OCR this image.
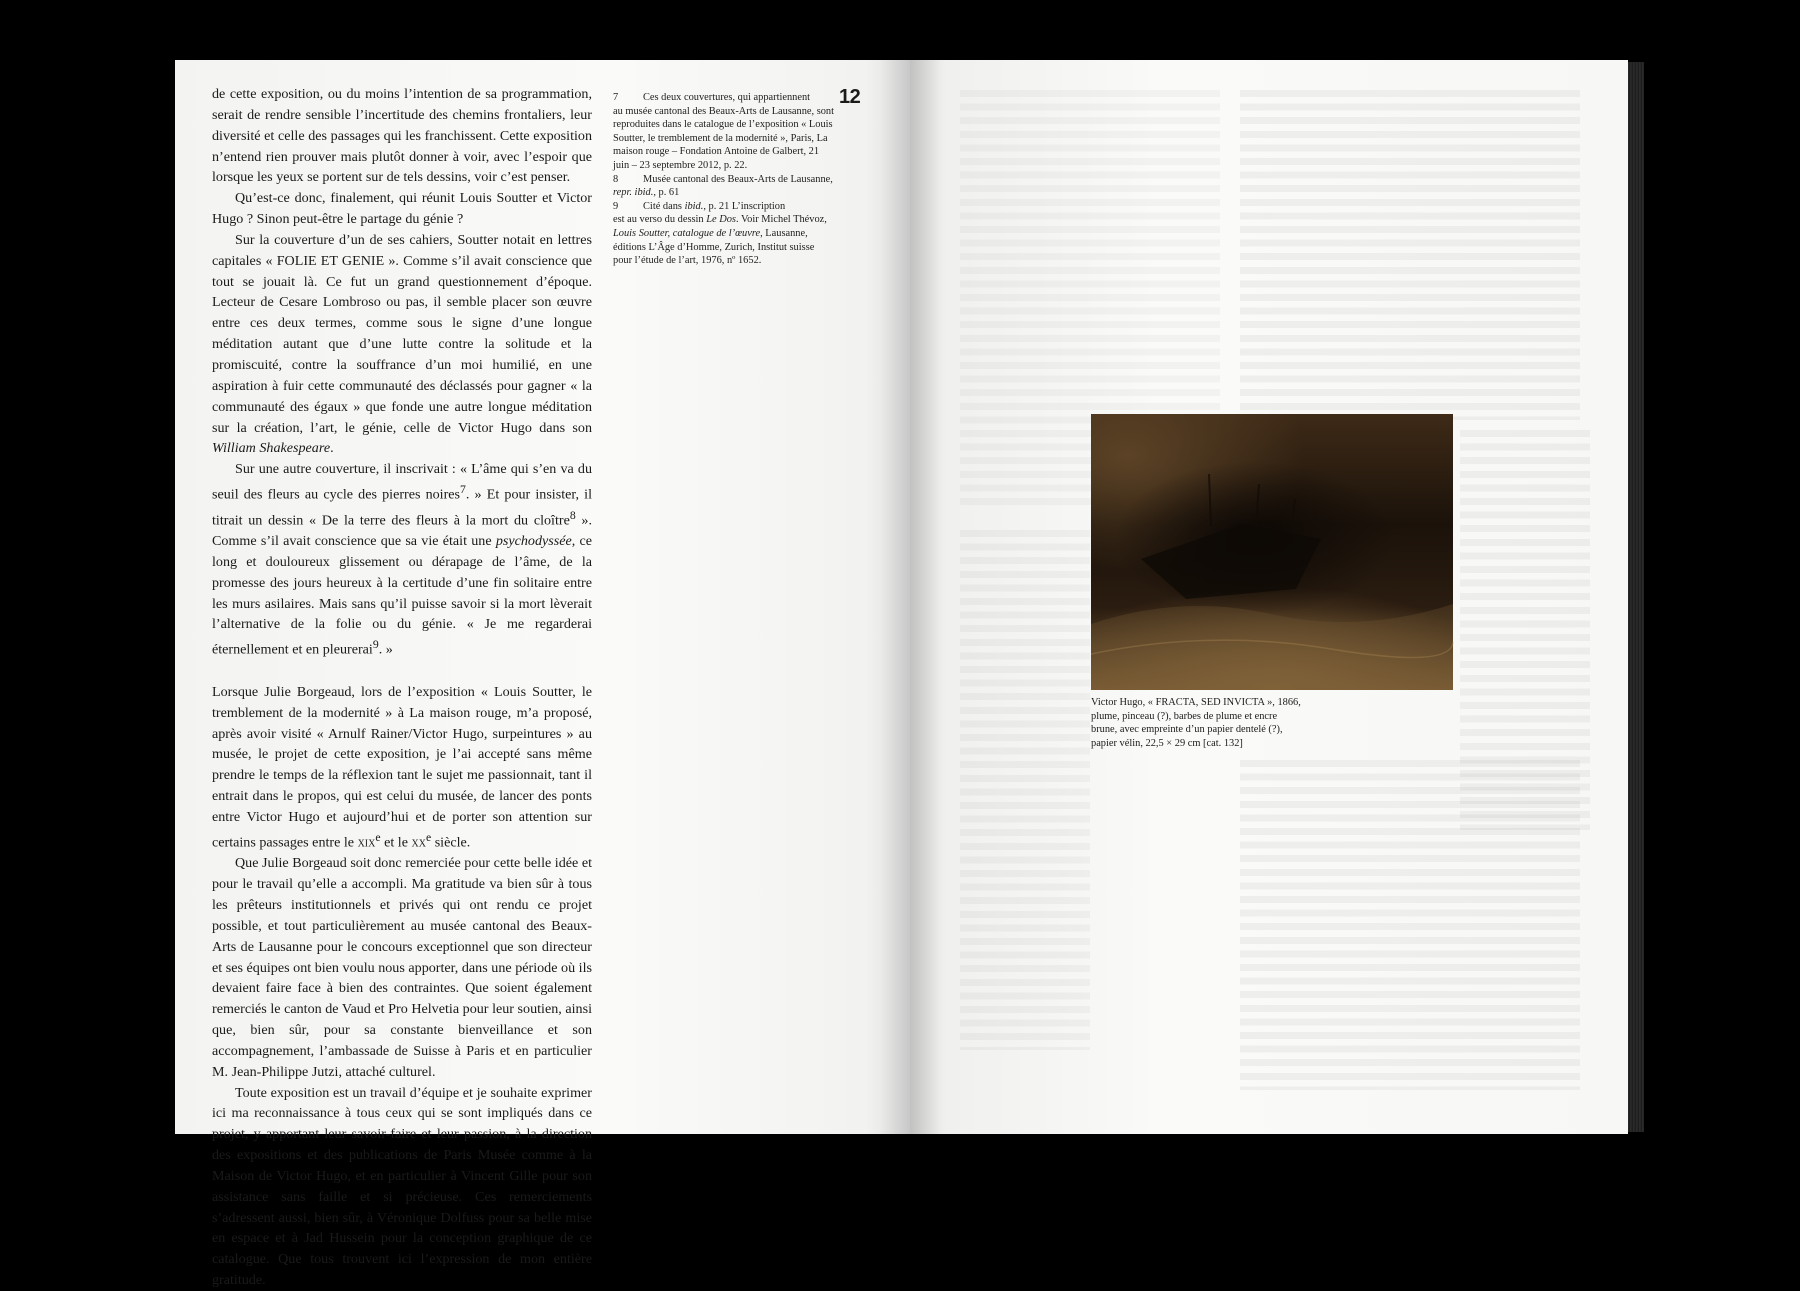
de cette exposition, ou du moins l’intention de sa programmation, serait de rendre sensible l’incertitude des chemins frontaliers, leur diversité et celle des passages qui les franchissent. Cette exposition n’entend rien prouver mais plutôt donner à voir, avec l’espoir que lorsque les yeux se portent sur de tels dessins, voir c’est penser.

Qu’est-ce donc, finalement, qui réunit Louis Soutter et Victor Hugo ? Sinon peut-être le partage du génie ?

Sur la couverture d’un de ses cahiers, Soutter notait en lettres capitales « FOLIE ET GENIE ». Comme s’il avait conscience que tout se jouait là. Ce fut un grand questionnement d’époque. Lecteur de Cesare Lombroso ou pas, il semble placer son œuvre entre ces deux termes, comme sous le signe d’une longue méditation autant que d’une lutte contre la solitude et la promiscuité, contre la souffrance d’un moi humilié, en une aspiration à fuir cette communauté des déclassés pour gagner « la communauté des égaux » que fonde une autre longue méditation sur la création, l’art, le génie, celle de Victor Hugo dans son William Shakespeare.

Sur une autre couverture, il inscrivait : « L’âme qui s’en va du seuil des fleurs au cycle des pierres noires$^7$. » Et pour insister, il titrait un dessin « De la terre des fleurs à la mort du cloître$^8$ ». Comme s’il avait conscience que sa vie était une psychodyssée, ce long et douloureux glissement ou dérapage de l’âme, de la promesse des jours heureux à la certitude d’une fin solitaire entre les murs asilaires. Mais sans qu’il puisse savoir si la mort lèverait l’alternative de la folie ou du génie. « Je me regarderai éternellement et en pleurerai$^9$. »

Lorsque Julie Borgeaud, lors de l’exposition « Louis Soutter, le tremblement de la modernité » à La maison rouge, m’a proposé, après avoir visité « Arnulf Rainer/Victor Hugo, surpeintures » au musée, le projet de cette exposition, je l’ai accepté sans même prendre le temps de la réflexion tant le sujet me passionnait, tant il entrait dans le propos, qui est celui du musée, de lancer des ponts entre Victor Hugo et aujourd’hui et de porter son attention sur certains passages entre le xix$^e$ et le $xx^e$ siècle.

Que Julie Borgeaud soit donc remerciée pour cette belle idée et pour le travail qu’elle a accompli. Ma gratitude va bien sûr à tous les prêteurs institutionnels et privés qui ont rendu ce projet possible, et tout particulièrement au musée cantonal des Beaux-Arts de Lausanne pour le concours exceptionnel que son directeur et ses équipes ont bien voulu nous apporter, dans une période où ils devaient faire face à bien des contraintes. Que soient également remerciés le canton de Vaud et Pro Helvetia pour leur soutien, ainsi que, bien sûr, pour sa constante bienveillance et son accompagnement, l’ambassade de Suisse à Paris et en particulier M. Jean-Philippe Jutzi, attaché culturel.

Toute exposition est un travail d’équipe et je souhaite exprimer ici ma reconnaissance à tous ceux qui se sont impliqués dans ce projet, y apportant leur savoir-faire et leur passion, à la direction des expositions et des publications de Paris Musée comme à la Maison de Victor Hugo, et en particulier à Vincent Gille pour son assistance sans faille et si précieuse. Ces remerciements s’adressent aussi, bien sûr, à Véronique Dolfuss pour sa belle mise en espace et à Jad Hussein pour la conception graphique de ce catalogue. Que tous trouvent ici l’expression de mon entière gratitude.

7	Ces deux couvertures, qui appartiennent
au musée cantonal des Beaux-Arts de Lausanne, sont reproduites dans le catalogue de l’exposition « Louis Soutter, le tremblement de la modernité », Paris, La maison rouge – Fondation Antoine de Galbert, 21 juin – 23 septembre 2012, p. 22.
8	Musée cantonal des Beaux-Arts de Lausanne,
repr. ibid., p. 61
9	Cité dans ibid., p. 21 L’inscription
est au verso du dessin Le Dos. Voir Michel Thévoz, Louis Soutter, catalogue de l’œuvre, Lausanne, éditions L’Âge d’Homme, Zurich, Institut suisse pour l’étude de l’art, 1976, nº 1652.
12
Victor Hugo, « FRACTA, SED INVICTA », 1866,
plume, pinceau (?), barbes de plume et encre
brune, avec empreinte d’un papier dentelé (?),
papier vélin, 22,5 × 29 cm [cat. 132]
